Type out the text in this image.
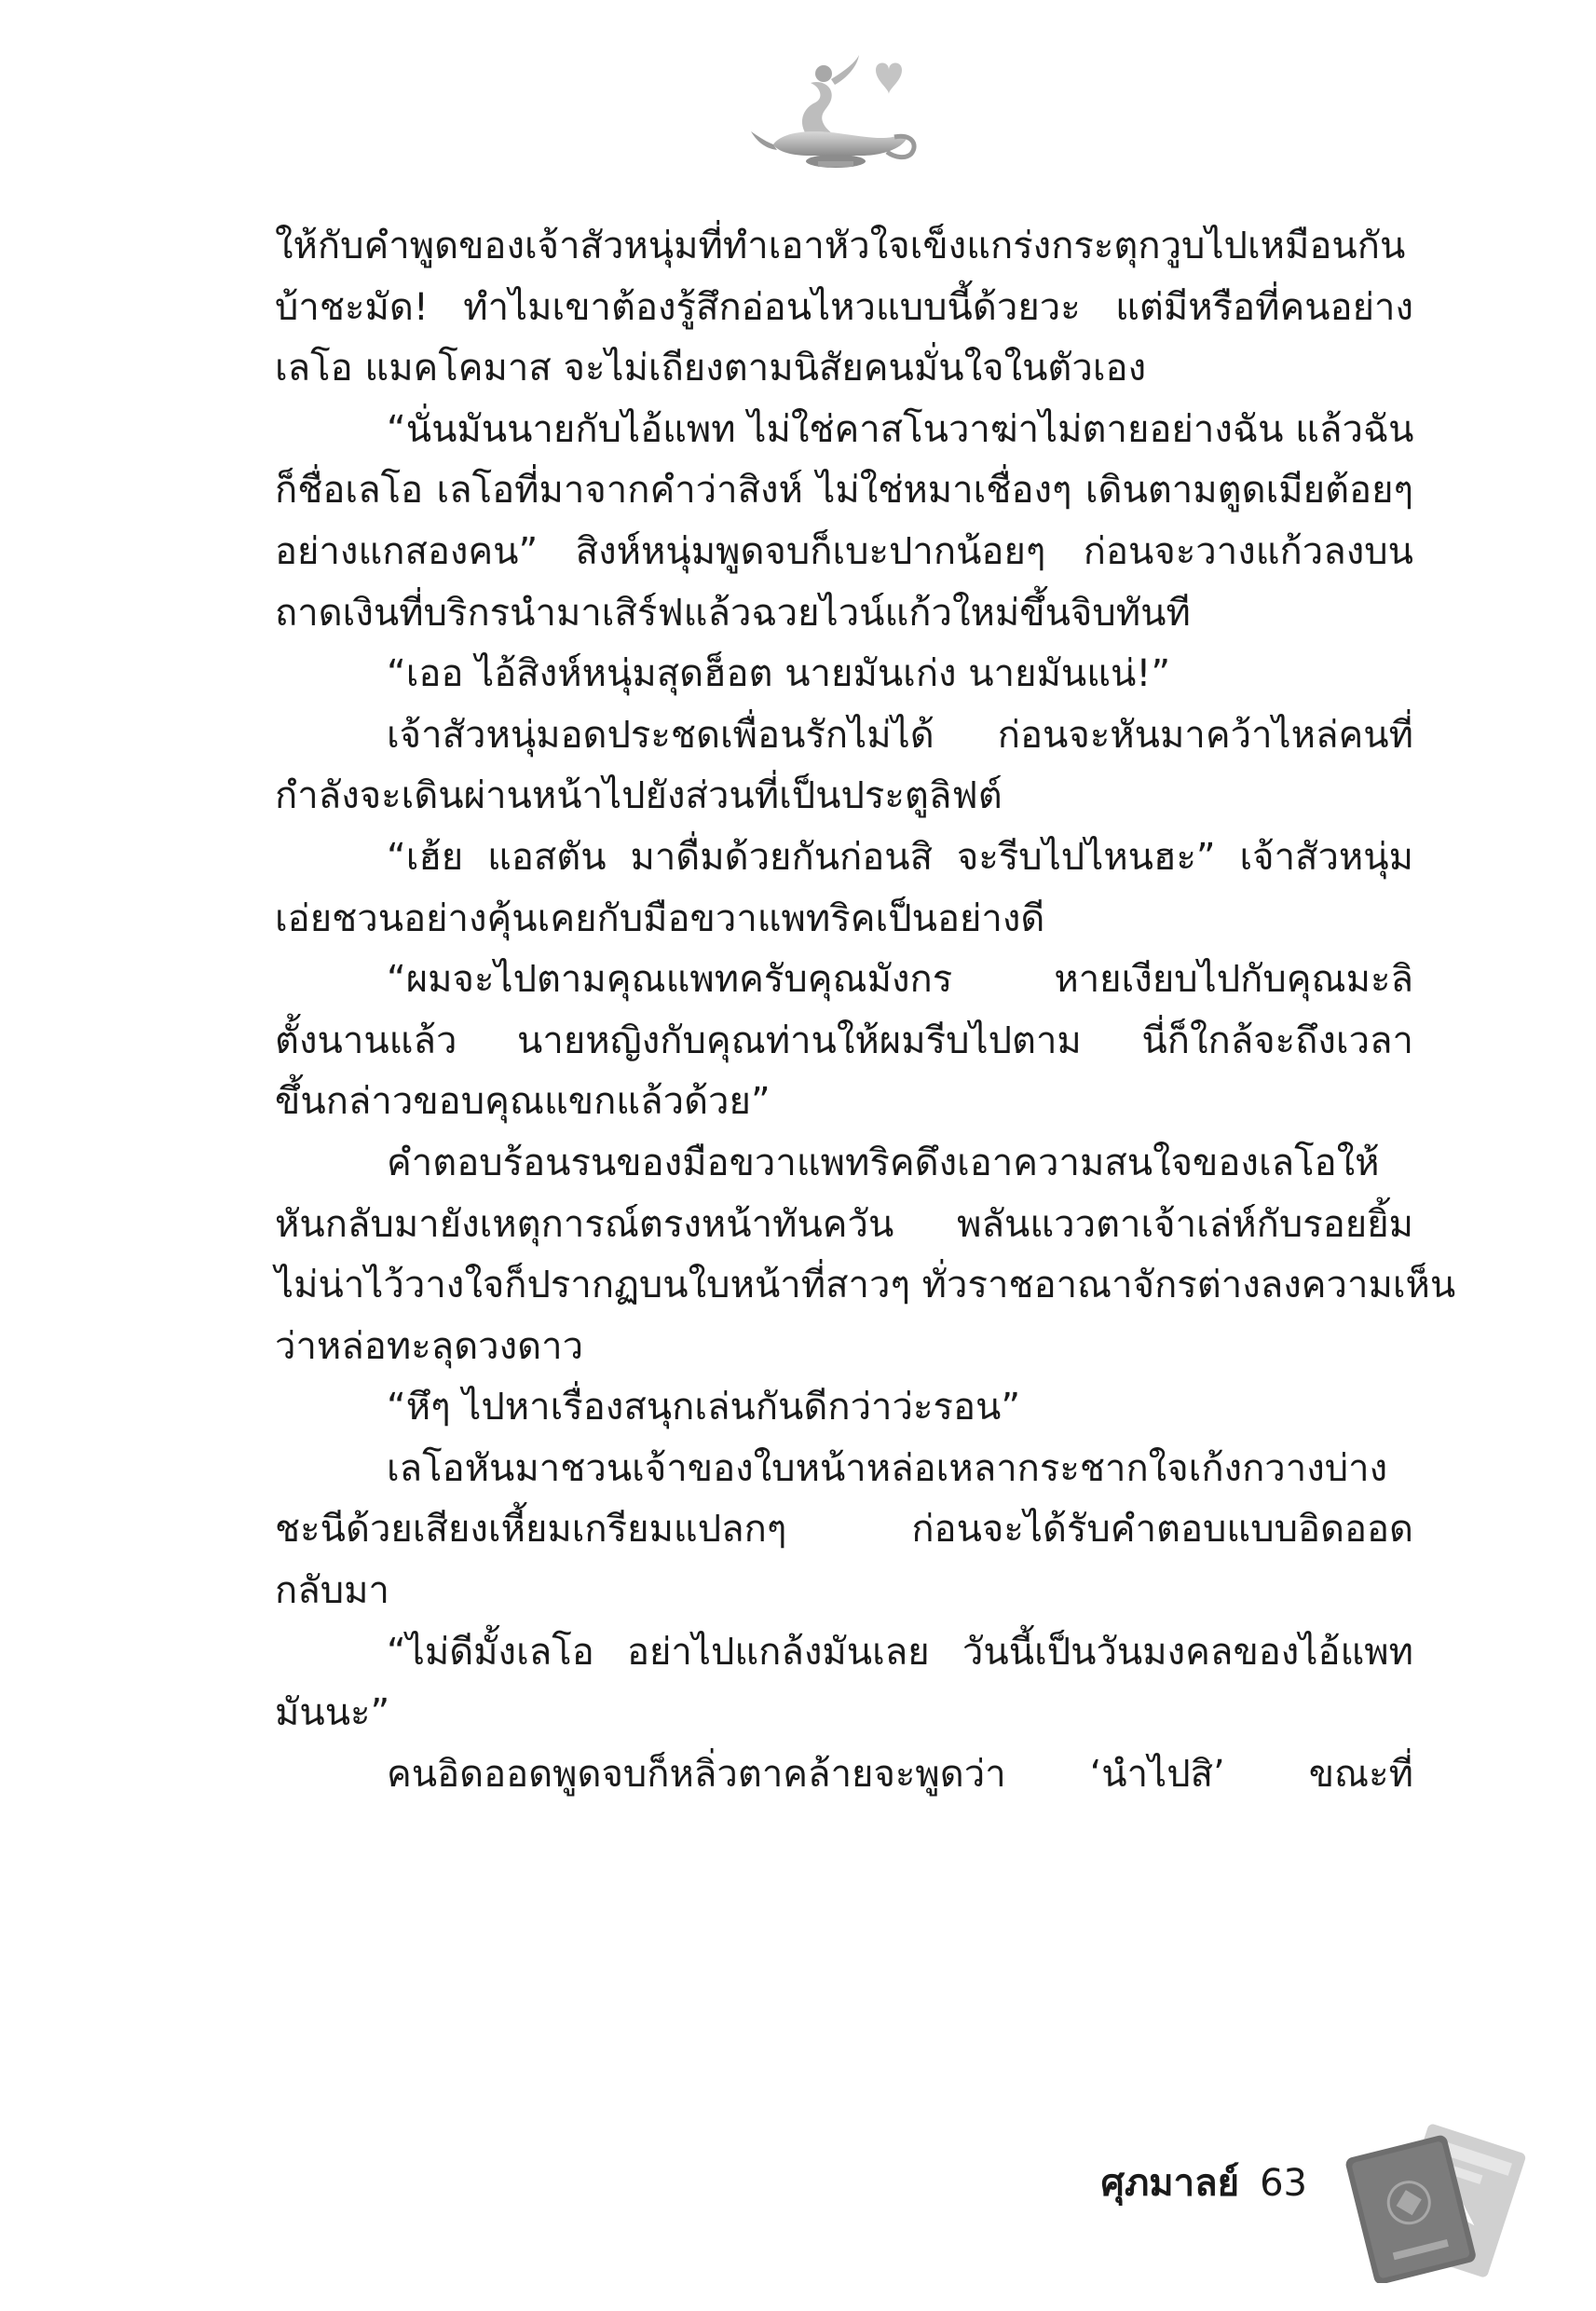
ให้กับคำพูดของเจ้าสัวหนุ่มที่ทำเอาหัวใจเข็งแกร่งกระตุกวูบไปเหมือนกัน
บ้าชะมัด! ทำไมเขาต้องรู้สึกอ่อนไหวแบบนี้ด้วยวะ แต่มีหรือที่คนอย่าง
เลโอ แมคโคมาส จะไม่เถียงตามนิสัยคนมั่นใจในตัวเอง
“นั่นมันนายกับไอ้แพท ไม่ใช่คาสโนวาฆ่าไม่ตายอย่างฉัน แล้วฉัน
ก็ชื่อเลโอ เลโอที่มาจากคำว่าสิงห์ ไม่ใช่หมาเชื่องๆ เดินตามตูดเมียต้อยๆ
อย่างแกสองคน” สิงห์หนุ่มพูดจบก็เบะปากน้อยๆ ก่อนจะวางแก้วลงบน
ถาดเงินที่บริกรนำมาเสิร์ฟแล้วฉวยไวน์แก้วใหม่ขึ้นจิบทันที
“เออ ไอ้สิงห์หนุ่มสุดฮ็อต นายมันเก่ง นายมันแน่!”
เจ้าสัวหนุ่มอดประชดเพื่อนรักไม่ได้ ก่อนจะหันมาคว้าไหล่คนที่
กำลังจะเดินผ่านหน้าไปยังส่วนที่เป็นประตูลิฟต์
“เฮ้ย แอสตัน มาดื่มด้วยกันก่อนสิ จะรีบไปไหนฮะ” เจ้าสัวหนุ่ม
เอ่ยชวนอย่างคุ้นเคยกับมือขวาแพทริคเป็นอย่างดี
“ผมจะไปตามคุณแพทครับคุณมังกร หายเงียบไปกับคุณมะลิ
ตั้งนานแล้ว นายหญิงกับคุณท่านให้ผมรีบไปตาม นี่ก็ใกล้จะถึงเวลา
ขึ้นกล่าวขอบคุณแขกแล้วด้วย”
คำตอบร้อนรนของมือขวาแพทริคดึงเอาความสนใจของเลโอให้
หันกลับมายังเหตุการณ์ตรงหน้าทันควัน พลันแววตาเจ้าเล่ห์กับรอยยิ้ม
ไม่น่าไว้วางใจก็ปรากฏบนใบหน้าที่สาวๆ ทั่วราชอาณาจักรต่างลงความเห็น
ว่าหล่อทะลุดวงดาว
“หึๆ ไปหาเรื่องสนุกเล่นกันดีกว่าว่ะรอน”
เลโอหันมาชวนเจ้าของใบหน้าหล่อเหลากระชากใจเก้งกวางบ่าง
ชะนีด้วยเสียงเหี้ยมเกรียมแปลกๆ ก่อนจะได้รับคำตอบแบบอิดออด
กลับมา
“ไม่ดีมั้งเลโอ อย่าไปแกล้งมันเลย วันนี้เป็นวันมงคลของไอ้แพท
มันนะ”
คนอิดออดพูดจบก็หลิ่วตาคล้ายจะพูดว่า ‘นำไปสิ’ ขณะที่
ศุภมาลย์ 63
